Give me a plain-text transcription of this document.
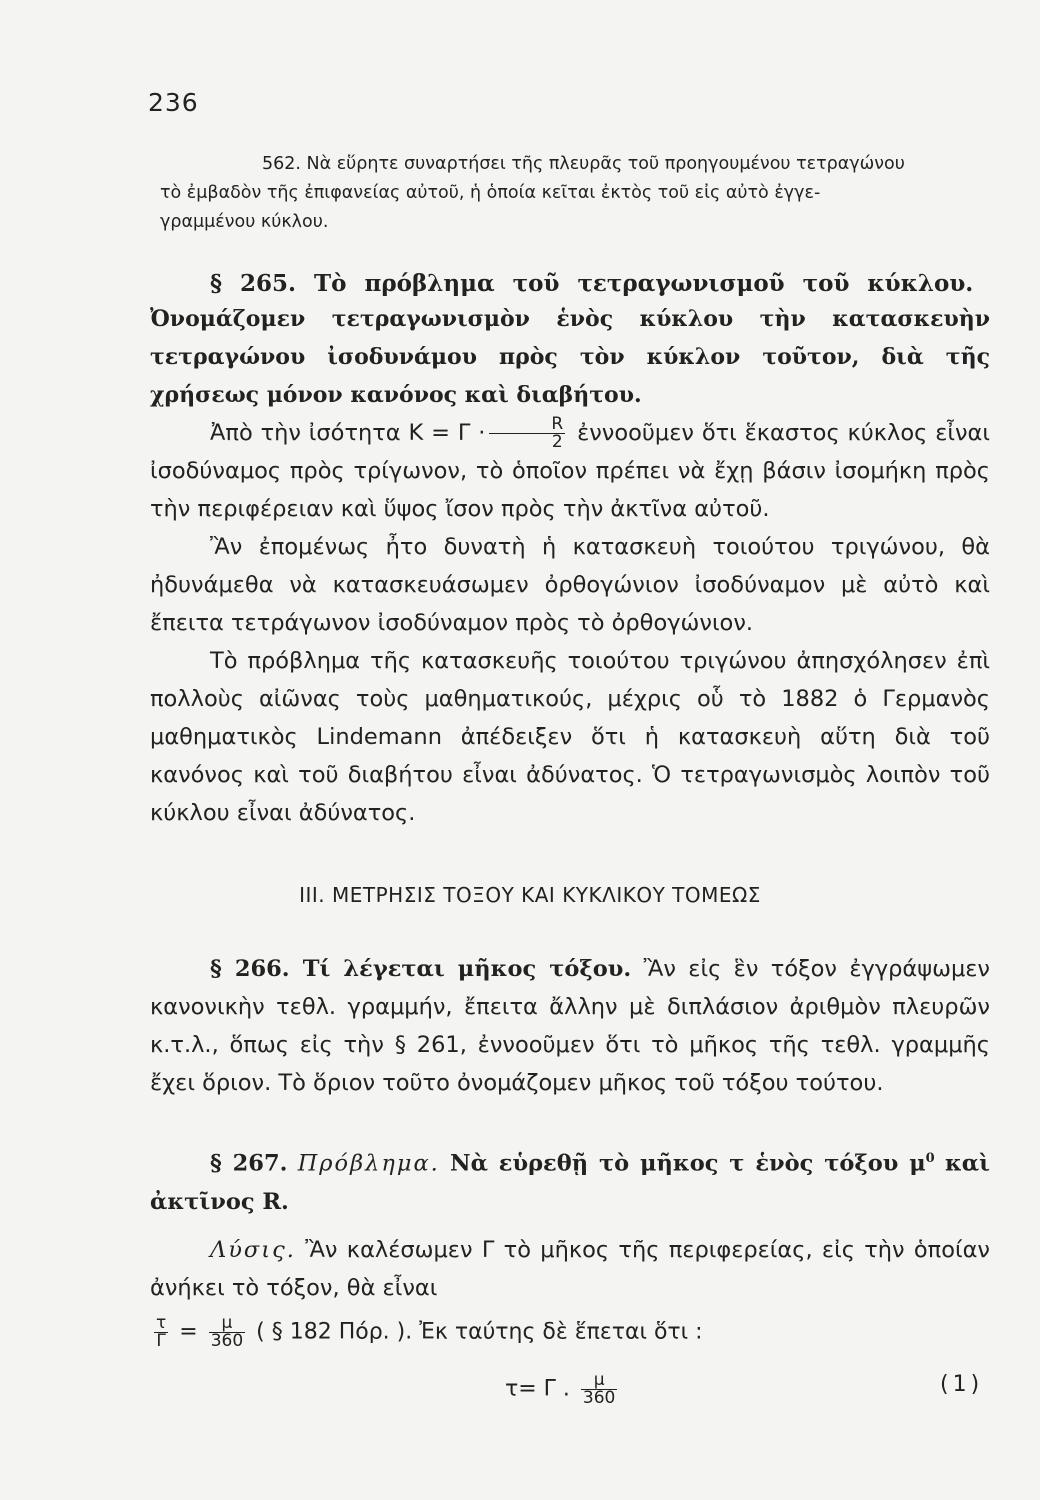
236
562. Νὰ εὕρητε συναρτήσει τῆς πλευρᾶς τοῦ προηγουμένου τετραγώνου
τὸ ἐμβαδὸν τῆς ἐπιφανείας αὐτοῦ, ἡ ὁποία κεῖται ἐκτὸς τοῦ εἰς αὐτὸ ἐγγε-
γραμμένου κύκλου.
§ 265. Τὸ πρόβλημα τοῦ τετραγωνισμοῦ τοῦ κύκλου.
Ὀνομάζομεν τετραγωνισμὸν ἑνὸς κύκλου τὴν κατασκευὴν τετραγώνου ἰσοδυνάμου πρὸς τὸν κύκλον τοῦτον, διὰ τῆς χρήσεως μόνον κανόνος καὶ διαβήτου.

Ἀπὸ τὴν ἰσότητα $K = \Gamma \cdot \frac{R}{2}$ ἐννοοῦμεν ὅτι ἕκαστος κύκλος εἶναι ἰσοδύναμος πρὸς τρίγωνον, τὸ ὁποῖον πρέπει νὰ ἔχῃ βάσιν ἰσομήκη πρὸς τὴν περιφέρειαν καὶ ὕψος ἴσον πρὸς τὴν ἀκτῖνα αὐτοῦ.

Ἂν ἐπομένως ἦτο δυνατὴ ἡ κατασκευὴ τοιούτου τριγώνου, θὰ ἠδυνάμεθα νὰ κατασκευάσωμεν ὀρθογώνιον ἰσοδύναμον μὲ αὐτὸ καὶ ἔπειτα τετράγωνον ἰσοδύναμον πρὸς τὸ ὀρθογώνιον.

Τὸ πρόβλημα τῆς κατασκευῆς τοιούτου τριγώνου ἀπησχόλησεν ἐπὶ πολλοὺς αἰῶνας τοὺς μαθηματικούς, μέχρις οὗ τὸ 1882 ὁ Γερμανὸς μαθηματικὸς Lindemann ἀπέδειξεν ὅτι ἡ κατασκευὴ αὕτη διὰ τοῦ κανόνος καὶ τοῦ διαβήτου εἶναι ἀδύνατος. Ὁ τετραγωνισμὸς λοιπὸν τοῦ κύκλου εἶναι ἀδύνατος.

ΙΙΙ. ΜΕΤΡΗΣΙΣ ΤΟΞΟΥ ΚΑΙ ΚΥΚΛΙΚΟΥ ΤΟΜΕΩΣ

§ 266. Τί λέγεται μῆκος τόξου. Ἂν εἰς ἓν τόξον ἐγγράψωμεν κανονικὴν τεθλ. γραμμήν, ἔπειτα ἄλλην μὲ διπλάσιον ἀριθμὸν πλευρῶν κ.τ.λ., ὅπως εἰς τὴν § 261, ἐννοοῦμεν ὅτι τὸ μῆκος τῆς τεθλ. γραμμῆς ἔχει ὅριον. Τὸ ὅριον τοῦτο ὀνομάζομεν μῆκος τοῦ τόξου τούτου.

§ 267. Πρόβλημα. Νὰ εὑρεθῇ τὸ μῆκος τ ἑνὸς τόξου $\mu^0$ καὶ ἀκτῖνος R.

Λύσις. Ἂν καλέσωμεν Γ τὸ μῆκος τῆς περιφερείας, εἰς τὴν ὁποίαν ἀνήκει τὸ τόξον, θὰ εἶναι

$\frac{\tau}{\Gamma} = \frac{\mu}{360}$ ( § 182 Πόρ. ). Ἐκ ταύτης δὲ ἕπεται ὅτι :
τ= Γ . $\frac{\mu}{360}$	(1)
